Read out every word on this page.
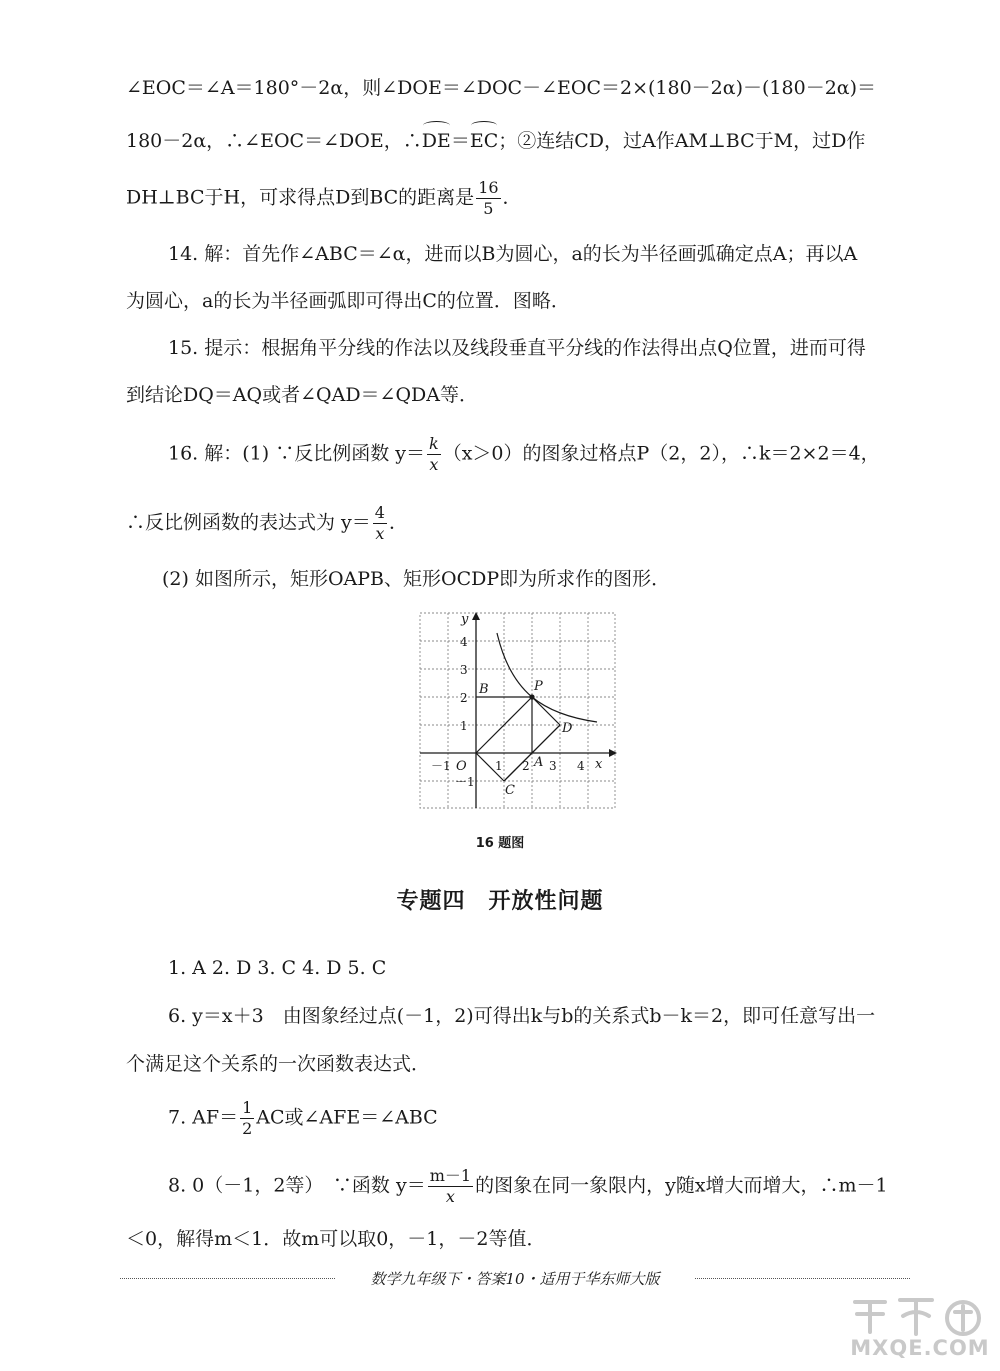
∠EOC＝∠A＝180°－2α，则∠DOE＝∠DOC－∠EOC＝2×(180－2α)－(180－2α)＝
180－2α，∴∠EOC＝∠DOE，∴DE＝EC；②连结CD，过A作AM⊥BC于M，过D作
DH⊥BC于H，可求得点D到BC的距离是 $\frac{16}{5}$ ．
14. 解：首先作∠ABC＝∠α，进而以B为圆心，a的长为半径画弧确定点A；再以A
为圆心，a的长为半径画弧即可得出C的位置．图略．
15. 提示：根据角平分线的作法以及线段垂直平分线的作法得出点Q位置，进而可得
到结论DQ＝AQ或者∠QAD＝∠QDA等．
16. 解：(1) ∵反比例函数 $y= \frac{k}{x} (x>0)$的图象过格点P（2，2），∴k＝2×2＝4，
∴反比例函数的表达式为 $y= \frac{4}{x}$ ．
(2) 如图所示，矩形OAPB、矩形OCDP即为所求作的图形．
y
x
O
B	P
D
A
C
－1	1 2 3 4
4
3
2
1
－1
16 题图
专题四　开放性问题
1. A 2. D 3. C 4. D 5. C
6. y＝x＋3　由图象经过点(－1，2)可得出k与b的关系式b－k＝2，即可任意写出一
个满足这个关系的一次函数表达式．
7. $AF= \frac{1}{2}$ AC或∠AFE＝∠ABC
8. 0（－1，2等）　∵函数 $y= \frac{m-1}{x}$ 的图象在同一象限内，y随x增大而增大，∴m－1
＜0，解得m＜1．故m可以取0，－1，－2等值．
数学九年级下・答案10・适用于华东师大版
MXQE.COM
